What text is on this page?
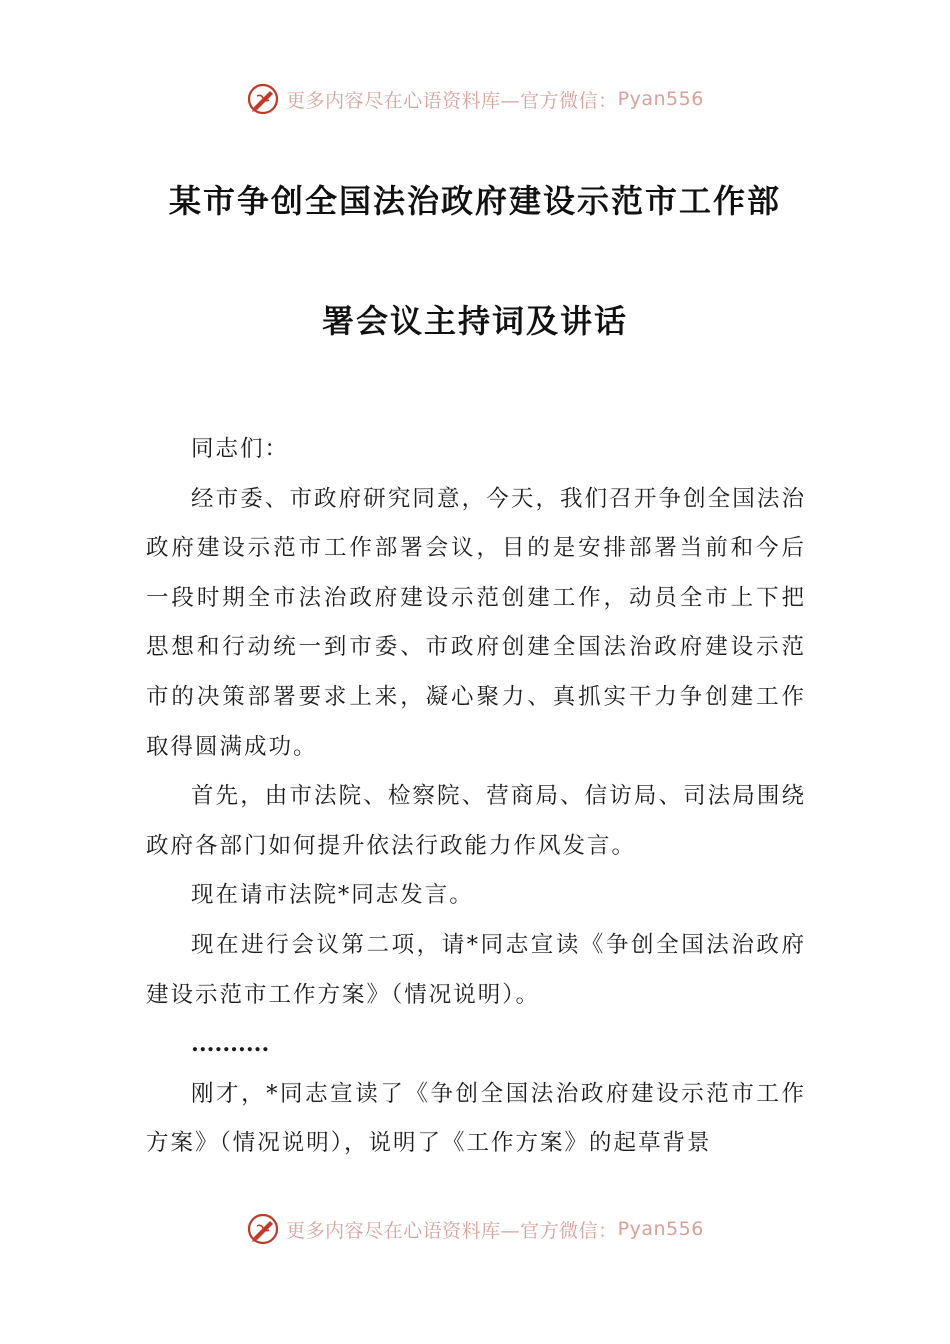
更多内容尽在心语资料库—官方微信： Pyan556
某市争创全国法治政府建设示范市工作部
署会议主持词及讲话

同志们：

经市委、市政府研究同意，今天，我们召开争创全国法治政府建设示范市工作部署会议，目的是安排部署当前和今后一段时期全市法治政府建设示范创建工作，动员全市上下把思想和行动统一到市委、市政府创建全国法治政府建设示范市的决策部署要求上来，凝心聚力、真抓实干力争创建工作取得圆满成功。

首先，由市法院、检察院、营商局、信访局、司法局围绕政府各部门如何提升依法行政能力作风发言。

现在请市法院*同志发言。

现在进行会议第二项，请*同志宣读《争创全国法治政府建设示范市工作方案》（情况说明）。

..........

刚才，*同志宣读了《争创全国法治政府建设示范市工作方案》（情况说明），说明了《工作方案》的起草背景

更多内容尽在心语资料库—官方微信： Pyan556
